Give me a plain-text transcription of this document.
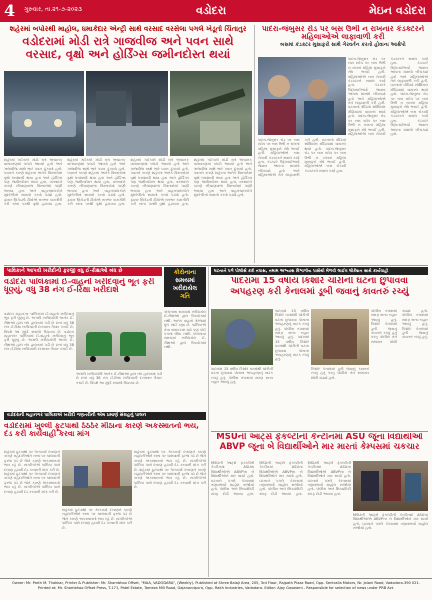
4 ગુરુવાર, તા.૨૧-૭-૨૦૨૩	વડોદરા	મેઇન વડોદરા
શહેરમાં બપોરથી માહોલ, ધમાકેદાર એન્ટ્રી સાથે વરસાદ વરસેલા પગલે ખેડૂતો ચિંતાતુર
વડોદરામાં મોડી રાત્રે ગાજવીજ અને પવન સાથે
વરસાદ, વૃક્ષો અને હોર્ડિંગ્સ જમીનદોસ્ત થયાં
શહેરમાં ગઈકાલે મોડી રાત્રે અચાનક વાતાવરણમાં પલટો આવ્યો હતો અને ગાજવીજ સાથે ભારે પવન ફૂંકાયો હતો. પવનને કારણે શહેરના અનેક વિસ્તારોમાં વૃક્ષો ધરાશાયી થયા હતા અને હોર્ડિંગ્સ પણ જમીનદોસ્ત થયા હતા. વરસાદને કારણે નીચાણવાળા વિસ્તારોમાં પાણી ભરાયા હતા અને વાહનચાલકોને મુશ્કેલીનો સામનો કરવો પડ્યો હતો. ફાયર બ્રિગેડની ટીમોએ રાતભર કામગીરી કરી રસ્તા પરથી વૃક્ષો હટાવ્યા હતા. શહેરમાં ગઈકાલે મોડી રાત્રે અચાનક વાતાવરણમાં પલટો આવ્યો હતો અને ગાજવીજ સાથે ભારે પવન ફૂંકાયો હતો. પવનને કારણે શહેરના અનેક વિસ્તારોમાં વૃક્ષો ધરાશાયી થયા હતા અને હોર્ડિંગ્સ પણ જમીનદોસ્ત થયા હતા. વરસાદને કારણે નીચાણવાળા વિસ્તારોમાં પાણી ભરાયા હતા અને વાહનચાલકોને મુશ્કેલીનો સામનો કરવો પડ્યો હતો. ફાયર બ્રિગેડની ટીમોએ રાતભર કામગીરી કરી રસ્તા પરથી વૃક્ષો હટાવ્યા હતા. શહેરમાં ગઈકાલે મોડી રાત્રે અચાનક વાતાવરણમાં પલટો આવ્યો હતો અને ગાજવીજ સાથે ભારે પવન ફૂંકાયો હતો. પવનને કારણે શહેરના અનેક વિસ્તારોમાં વૃક્ષો ધરાશાયી થયા હતા અને હોર્ડિંગ્સ પણ જમીનદોસ્ત થયા હતા. વરસાદને કારણે નીચાણવાળા વિસ્તારોમાં પાણી ભરાયા હતા અને વાહનચાલકોને મુશ્કેલીનો સામનો કરવો પડ્યો હતો. ફાયર બ્રિગેડની ટીમોએ રાતભર કામગીરી કરી રસ્તા પરથી વૃક્ષો હટાવ્યા હતા. શહેરમાં ગઈકાલે મોડી રાત્રે અચાનક વાતાવરણમાં પલટો આવ્યો હતો અને ગાજવીજ સાથે ભારે પવન ફૂંકાયો હતો. પવનને કારણે શહેરના અનેક વિસ્તારોમાં વૃક્ષો ધરાશાયી થયા હતા અને હોર્ડિંગ્સ પણ જમીનદોસ્ત થયા હતા. વરસાદને કારણે નીચાણવાળા વિસ્તારોમાં પાણી ભરાયા હતા અને વાહનચાલકોને મુશ્કેલીનો સામનો કરવો પડ્યો હતો.
પાદરા-જંબુસર રોડ પર બસ ઉભી ન રાખનાર કંડક્ટરને મહિલાઓએ લાફાવાળી કરી
બસમાં કંડક્ટર મુસાફરો સાથે ગેરવર્તન કરતો હોવાના આક્ષેપો
પાદરા-જંબુસર રોડ પર બસ સ્ટોપ પર બસ ઉભી ન રાખતાં મહિલા મુસાફરો રોષે ભરાઈ હતી. મહિલાઓએ બસ રોકાવી કંડક્ટરને સવાલ કર્યા હતા. કંડક્ટરે ઉદ્ધતાઈભર્યો જવાબ આપતા મામલો બીચક્યો હતો અને મહિલાઓએ તેને લાફાવાળી કરી હતી. ઘટનાનો વીડિયો સોશિયલ મીડિયામાં વાયરલ થયો હતો. પાદરા-જંબુસર રોડ પર બસ સ્ટોપ પર બસ ઉભી ન રાખતાં મહિલા મુસાફરો રોષે ભરાઈ હતી. મહિલાઓએ બસ રોકાવી કંડક્ટરને સવાલ કર્યા હતા. કંડક્ટરે ઉદ્ધતાઈભર્યો જવાબ આપતા મામલો બીચક્યો હતો અને મહિલાઓએ તેને લાફાવાળી કરી હતી. ઘટનાનો વીડિયો સોશિયલ મીડિયામાં વાયરલ થયો હતો. પાદરા-જંબુસર રોડ પર બસ સ્ટોપ પર બસ ઉભી ન રાખતાં મહિલા મુસાફરો રોષે ભરાઈ હતી. મહિલાઓએ બસ રોકાવી કંડક્ટરને સવાલ કર્યા હતા. કંડક્ટરે ઉદ્ધતાઈભર્યો જવાબ આપતા મામલો બીચક્યો હતો.
પાદરા-જંબુસર રોડ પર બસ સ્ટોપ પર બસ ઉભી ન રાખતાં મહિલા મુસાફરો રોષે ભરાઈ હતી. મહિલાઓએ બસ રોકાવી કંડક્ટરને સવાલ કર્યા હતા. કંડક્ટરે ઉદ્ધતાઈભર્યો જવાબ આપતા મામલો બીચક્યો હતો અને મહિલાઓએ તેને લાફાવાળી કરી હતી. ઘટનાનો વીડિયો સોશિયલ મીડિયામાં વાયરલ થયો હતો. પાદરા-જંબુસર રોડ પર બસ સ્ટોપ પર બસ ઉભી ન રાખતાં મહિલા મુસાફરો રોષે ભરાઈ હતી. મહિલાઓએ બસ રોકાવી કંડક્ટરને સવાલ કર્યા હતા.
પાવિકાને આપવી ખરીદીની ફરજી વધુ ઈ-રીક્ષાઓ બંધ છે
વડોદરા પાલિકામાં ઈ-વાહનો ખરીદવાનું ભૂત ફરી ધૂણ્યું, વધુ 38 નંગ ઈ-રિક્ષા ખરીદાશે
વડોદરા મહાનગર પાલિકામાં ઈ-વાહનો ખરીદવાનું ભૂત ફરી ધૂણ્યું છે. અગાઉ ખરીદાયેલી અનેક ઈ-રીક્ષાઓ હાલ બંધ હાલતમાં પડી છે છતાં વધુ 38 નંગ ઈ-રિક્ષા ખરીદવાની દરખાસ્ત તૈયાર કરાઈ છે. વિપક્ષે આ મુદ્દે સવાલો ઉઠાવ્યા છે. વડોદરા મહાનગર પાલિકામાં ઈ-વાહનો ખરીદવાનું ભૂત ફરી ધૂણ્યું છે. અગાઉ ખરીદાયેલી અનેક ઈ-રીક્ષાઓ હાલ બંધ હાલતમાં પડી છે છતાં વધુ 38 નંગ ઈ-રિક્ષા ખરીદવાની દરખાસ્ત તૈયાર કરાઈ છે.
અગાઉ ખરીદાયેલી અનેક ઈ-રીક્ષાઓ હાલ બંધ હાલતમાં પડી છે છતાં વધુ 38 નંગ ઈ-રિક્ષા ખરીદવાની દરખાસ્ત તૈયાર કરાઈ છે. વિપક્ષે આ મુદ્દે સવાલો ઉઠાવ્યા છે.
કોરોનાના
સમયમાં
ખરીદાયેલ
ગતિ
કોરોનાના સમયમાં ખરીદાયેલ ઈ-રીક્ષાઓ હાલ ઉપયોગમાં નથી. અનેક વાહનો ગેરેજમાં ધૂળ ખાઈ રહ્યા છે. પાલિકાએ તેના સમારકામ માટે પણ કોઈ પગલાં લીધા નથી. કોરોનાના સમયમાં ખરીદાયેલ ઈ-રીક્ષાઓ હાલ ઉપયોગમાં નથી.
વડોદરાની મહાનગર પાલિકાએ ખરીદી ગણતરીની એમ પ્રમાણે સંગ્રહનું પાલન
વડોદરામાં ખુલ્લી ફૂટપાથો ઠેઠઠેર મીઠાના કારણે અકસ્માતનો ભય, દંડ કરી કાર્યવાહી કરવા માંગ
શહેરમાં ફૂટપાથો પર ગેરકાયદે દબાણને કારણે રાહદારીઓને રસ્તા પર ચાલવાની ફરજ પડે છે જેને કારણે અકસ્માતનો ભય રહે છે. નાગરિકોએ પાલિકા પાસે દબાણ હટાવી દંડ કરવાની માંગ કરી છે. શહેરમાં ફૂટપાથો પર ગેરકાયદે દબાણને કારણે રાહદારીઓને રસ્તા પર ચાલવાની ફરજ પડે છે જેને કારણે અકસ્માતનો ભય રહે છે. નાગરિકોએ પાલિકા પાસે દબાણ હટાવી દંડ કરવાની માંગ કરી છે.
શહેરમાં ફૂટપાથો પર ગેરકાયદે દબાણને કારણે રાહદારીઓને રસ્તા પર ચાલવાની ફરજ પડે છે જેને કારણે અકસ્માતનો ભય રહે છે. નાગરિકોએ પાલિકા પાસે દબાણ હટાવી દંડ કરવાની માંગ કરી છે.
શહેરમાં ફૂટપાથો પર ગેરકાયદે દબાણને કારણે રાહદારીઓને રસ્તા પર ચાલવાની ફરજ પડે છે જેને કારણે અકસ્માતનો ભય રહે છે. નાગરિકોએ પાલિકા પાસે દબાણ હટાવી દંડ કરવાની માંગ કરી છે. શહેરમાં ફૂટપાથો પર ગેરકાયદે દબાણને કારણે રાહદારીઓને રસ્તા પર ચાલવાની ફરજ પડે છે જેને કારણે અકસ્માતનો ભય રહે છે. નાગરિકોએ પાલિકા પાસે દબાણ હટાવી દંડ કરવાની માંગ કરી છે.
ઘટનાને પગે પોલીસે કરી તપાસ, તમામ અભ્યાસ વિભાગીય પાસેથી મેળવી લાઈવ લોકેશન સાથે કાર્યવાહી
પાદરામાં 15 વર્ષીય કિશોરે ચોરીની ઘટના છુપાવવા
અપહરણ કરી કેનાલમાં ડૂબી જવાનું કાવતરું રચ્યું
પાદરામાં 15 વર્ષીય કિશોરે ઘરમાંથી ચોરીની ઘટના છુપાવવા પોતાના અપહરણનું નાટક રચ્યું હતું. પોલીસ તપાસમાં સમગ્ર સત્ય બહાર આવ્યું હતું. પાદરામાં 15 વર્ષીય કિશોરે ઘરમાંથી ચોરીની ઘટના છુપાવવા પોતાના અપહરણનું નાટક રચ્યું હતું.
પોલીસ તપાસમાં સમગ્ર સત્ય બહાર આવ્યું હતું. કિશોરે કેનાલમાં ડૂબી જવાનું કાવતરું રચ્યું હતું પરંતુ પોલીસે તેને સલામત શોધી કાઢ્યો હતો. પોલીસ તપાસમાં સમગ્ર સત્ય બહાર આવ્યું હતું. કિશોરે કેનાલમાં ડૂબી જવાનું કાવતરું રચ્યું હતું.
પાદરામાં 15 વર્ષીય કિશોરે ઘરમાંથી ચોરીની ઘટના છુપાવવા પોતાના અપહરણનું નાટક રચ્યું હતું. પોલીસ તપાસમાં સમગ્ર સત્ય બહાર આવ્યું હતું.
કિશોરે કેનાલમાં ડૂબી જવાનું કાવતરું રચ્યું હતું પરંતુ પોલીસે તેને સલામત શોધી કાઢ્યો હતો.
MSUની આર્ટ્સ ફેકલ્ટીની કેન્ટીનમાં ASU જૂના વિદ્યાર્થીઓ
ABVP જૂના બે વિદ્યાર્થીઓને માર મારતાં કેમ્પસમાં ચકચાર
MSUની આર્ટ્સ ફેકલ્ટીની કેન્ટીનમાં ASUના વિદ્યાર્થીઓએ ABVPના બે વિદ્યાર્થીઓને માર માર્યો હતો. ઘટનાને પગલે કેમ્પસમાં તણાવભર્યો માહોલ સર્જાયો હતો. પોલીસ અને સિક્યોરિટી સ્ટાફ દોડી આવ્યા હતા. MSUની આર્ટ્સ ફેકલ્ટીની કેન્ટીનમાં ASUના વિદ્યાર્થીઓએ ABVPના બે વિદ્યાર્થીઓને માર માર્યો હતો. ઘટનાને પગલે કેમ્પસમાં તણાવભર્યો માહોલ સર્જાયો હતો. પોલીસ અને સિક્યોરિટી સ્ટાફ દોડી આવ્યા હતા. MSUની આર્ટ્સ ફેકલ્ટીની કેન્ટીનમાં ASUના વિદ્યાર્થીઓએ ABVPના બે વિદ્યાર્થીઓને માર માર્યો હતો. ઘટનાને પગલે કેમ્પસમાં તણાવભર્યો માહોલ સર્જાયો હતો. પોલીસ અને સિક્યોરિટી સ્ટાફ દોડી આવ્યા હતા.
MSUની આર્ટ્સ ફેકલ્ટીની કેન્ટીનમાં ASUના વિદ્યાર્થીઓએ ABVPના બે વિદ્યાર્થીઓને માર માર્યો હતો. ઘટનાને પગલે કેમ્પસમાં તણાવભર્યો માહોલ સર્જાયો હતો.
Owner: Mr. Parth M. Thakkar, Printer & Publisher: Mr. Shambhoo Offset, "MAA, VADODARA", (Weekly). Published at Shree Balaji Area, 205, 3rd Floor, Rajpath Plaza Road, Opp. Sentralia Motors, Nr. Jalani Road, Vadodara-390 021.
Printed at: Mr. Shambhoo Offset Press, T-171, Patel Estate, Tameza Mill Road, Gajanandpura, Opp. Rakh Industries, Vadodara. Editor: Ajay Goswami - Responsible for selection of news under PRB Act.
